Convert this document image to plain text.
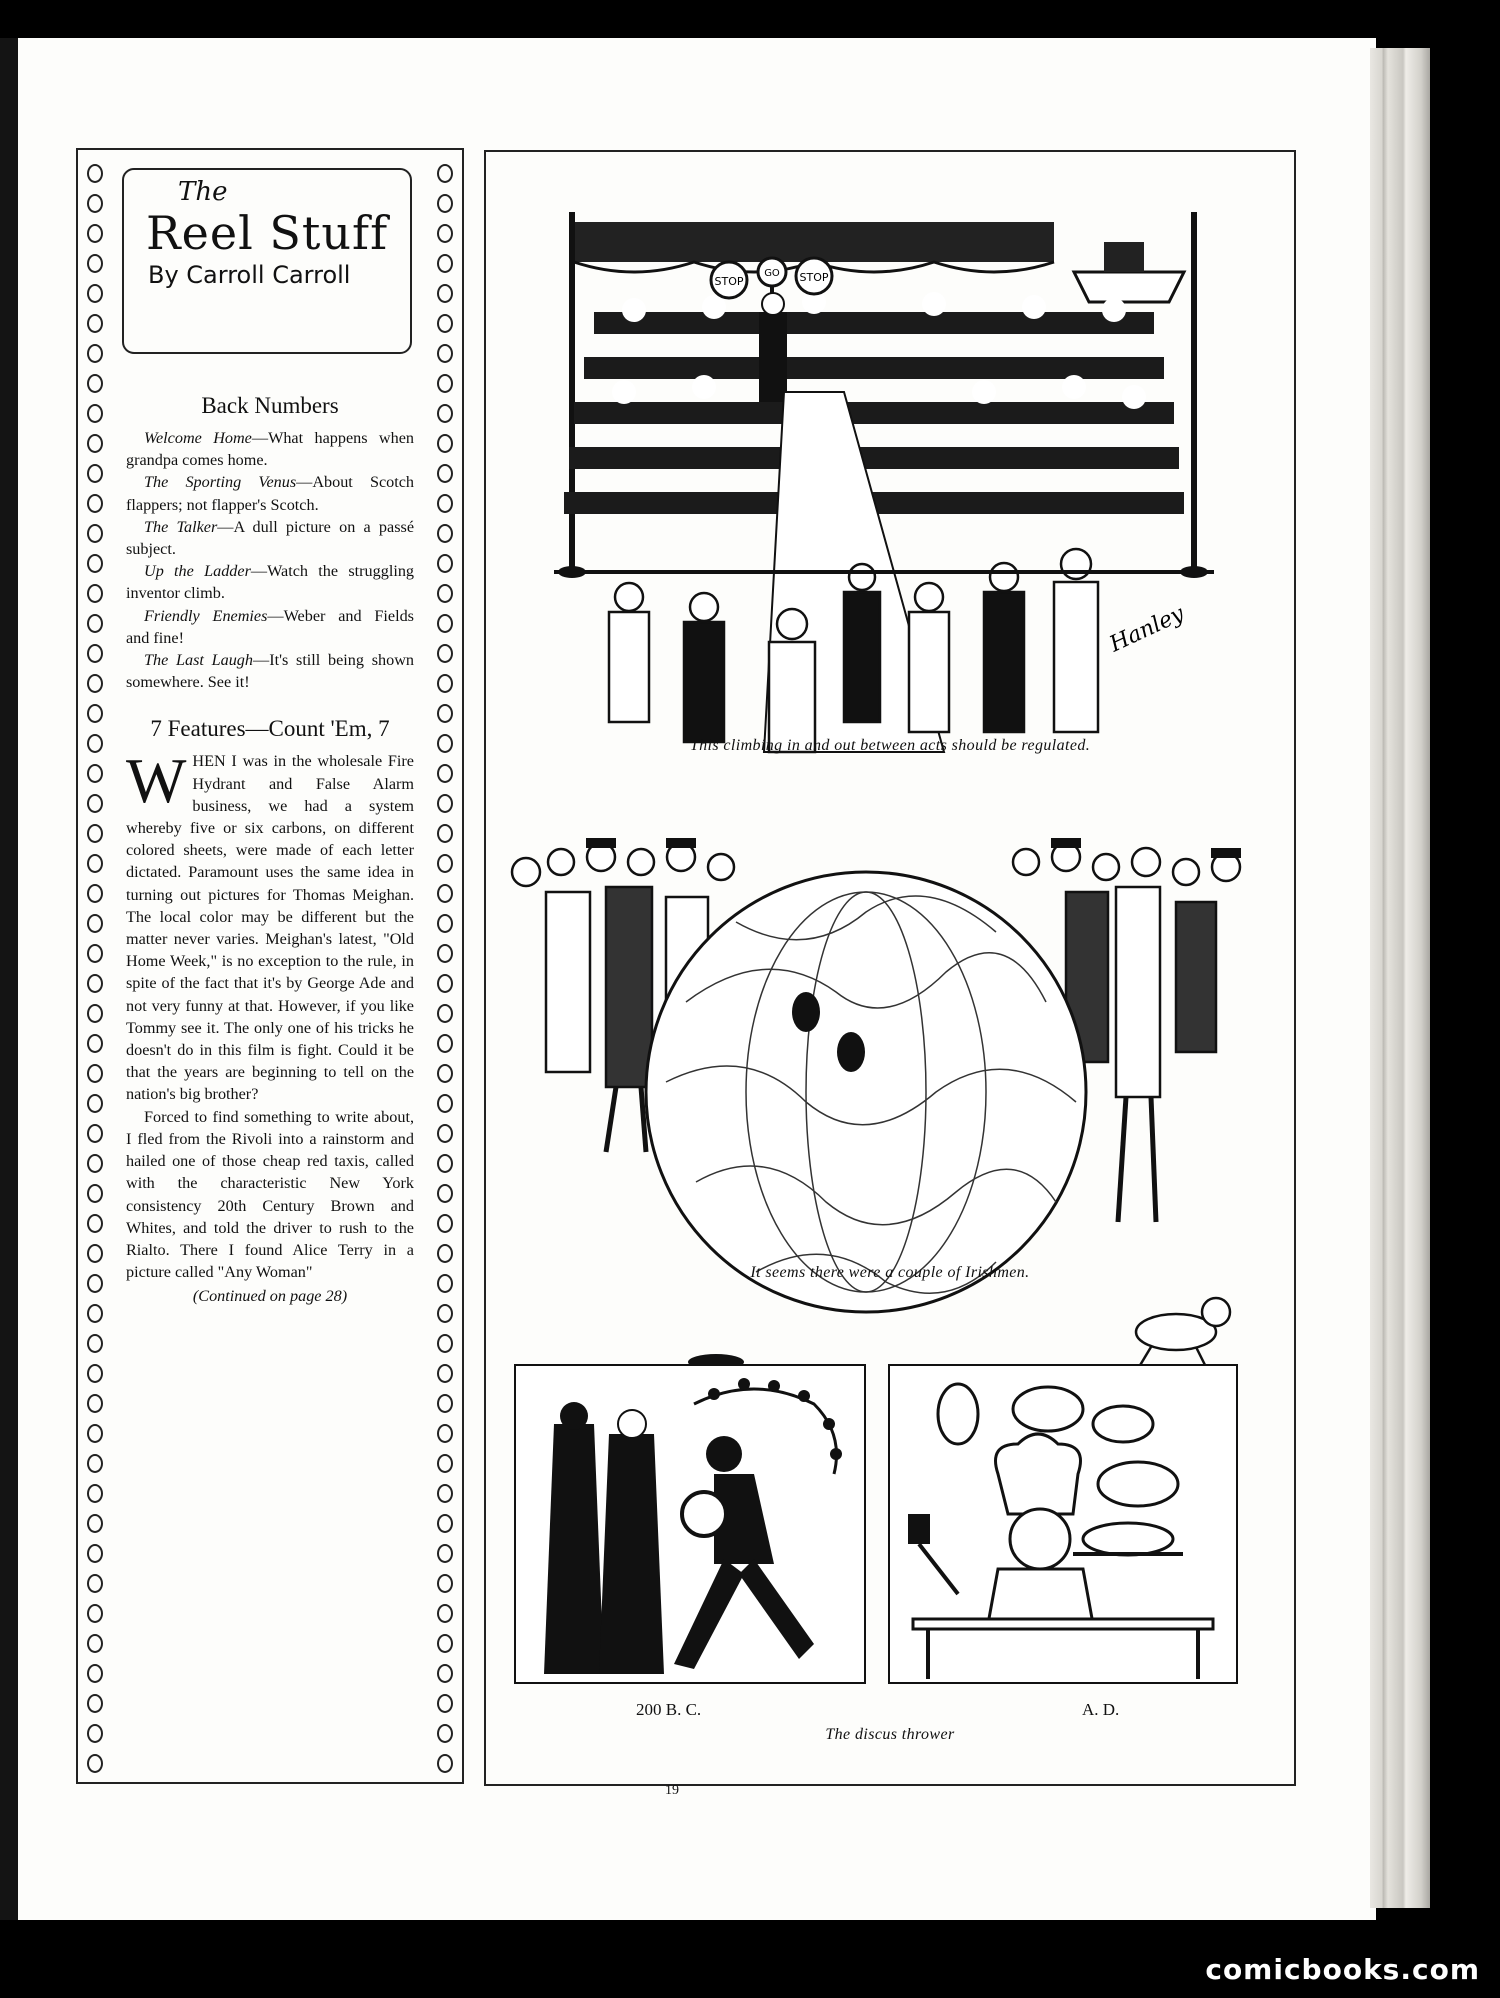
The
Reel Stuff
By Carroll Carroll
Back Numbers

Welcome Home—What happens when grandpa comes home.

The Sporting Venus—About Scotch flappers; not flapper's Scotch.

The Talker—A dull picture on a passé subject.

Up the Ladder—Watch the struggling inventor climb.

Friendly Enemies—Weber and Fields and fine!

The Last Laugh—It's still being shown somewhere. See it!

7 Features—Count 'Em, 7

WHEN I was in the wholesale Fire Hydrant and False Alarm business, we had a system whereby five or six carbons, on different colored sheets, were made of each letter dictated. Paramount uses the same idea in turning out pictures for Thomas Meighan. The local color may be different but the matter never varies. Meighan's latest, "Old Home Week," is no exception to the rule, in spite of the fact that it's by George Ade and not very funny at that. However, if you like Tommy see it. The only one of his tricks he doesn't do in this film is fight. Could it be that the years are beginning to tell on the nation's big brother?

Forced to find something to write about, I fled from the Rivoli into a rainstorm and hailed one of those cheap red taxis, called with the characteristic New York consistency 20th Century Brown and Whites, and told the driver to rush to the Rialto. There I found Alice Terry in a picture called "Any Woman"

(Continued on page 28)

STOP
GO STOP
Hanley
This climbing in and out between acts should be regulated.
It seems there were a couple of Irishmen.
200 B. C.	A. D.
The discus thrower
19
comicbooks.com
